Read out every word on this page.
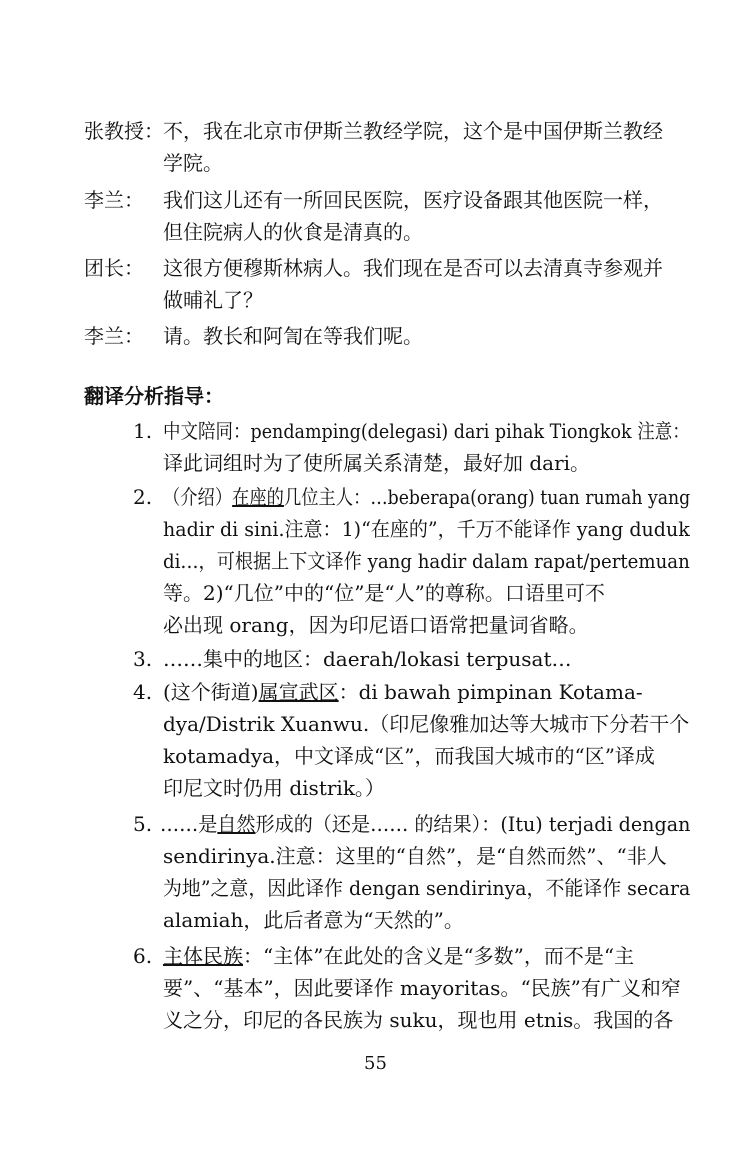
张教授： 不，我在北京市伊斯兰教经学院，这个是中国伊斯兰教经
学院。
李兰： 我们这儿还有一所回民医院，医疗设备跟其他医院一样，
但住院病人的伙食是清真的。
团长： 这很方便穆斯林病人。我们现在是否可以去清真寺参观并
做晡礼了？
李兰： 请。教长和阿訇在等我们呢。
翻译分析指导：
1. 中文陪同：pendamping(delegasi) dari pihak Tiongkok 注意：
译此词组时为了使所属关系清楚，最好加 dari。
2. （介绍）在座的几位主人：…beberapa(orang) tuan rumah yang
hadir di sini.注意：1)“在座的”，千万不能译作 yang duduk
di…，可根据上下文译作 yang hadir dalam rapat/pertemuan
等。2)“几位”中的“位”是“人”的尊称。口语里可不
必出现 orang，因为印尼语口语常把量词省略。
3. ……集中的地区：daerah/lokasi terpusat…
4. (这个街道)属宣武区：di bawah pimpinan Kotama-
dya/Distrik Xuanwu.（印尼像雅加达等大城市下分若干个
kotamadya，中文译成“区”，而我国大城市的“区”译成
印尼文时仍用 distrik。）
5. ……是自然形成的（还是…… 的结果）：(Itu) terjadi dengan
sendirinya.注意：这里的“自然”，是“自然而然”、“非人
为地”之意，因此译作 dengan sendirinya，不能译作 secara
alamiah，此后者意为“天然的”。
6. 主体民族：“主体”在此处的含义是“多数”，而不是“主
要”、“基本”，因此要译作 mayoritas。“民族”有广义和窄
义之分，印尼的各民族为 suku，现也用 etnis。我国的各
55
